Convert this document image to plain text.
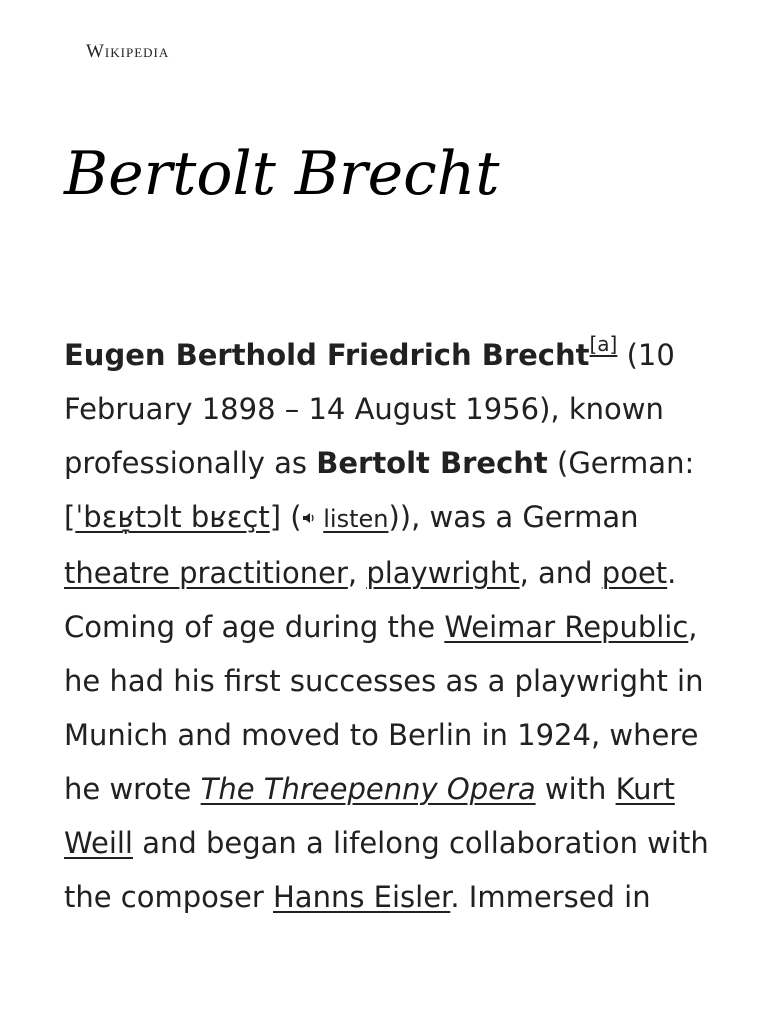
Wikipedia
Bertolt Brecht

Eugen Berthold Friedrich Brecht[a] (10 February 1898 – 14 August 1956), known professionally as Bertolt Brecht (German: [ˈbɛʁ̞tɔlt bʁɛçt] ( listen)), was a German theatre practitioner, playwright, and poet. Coming of age during the Weimar Republic, he had his first successes as a playwright in Munich and moved to Berlin in 1924, where he wrote The Threepenny Opera with Kurt Weill and began a lifelong collaboration with the composer Hanns Eisler. Immersed in
